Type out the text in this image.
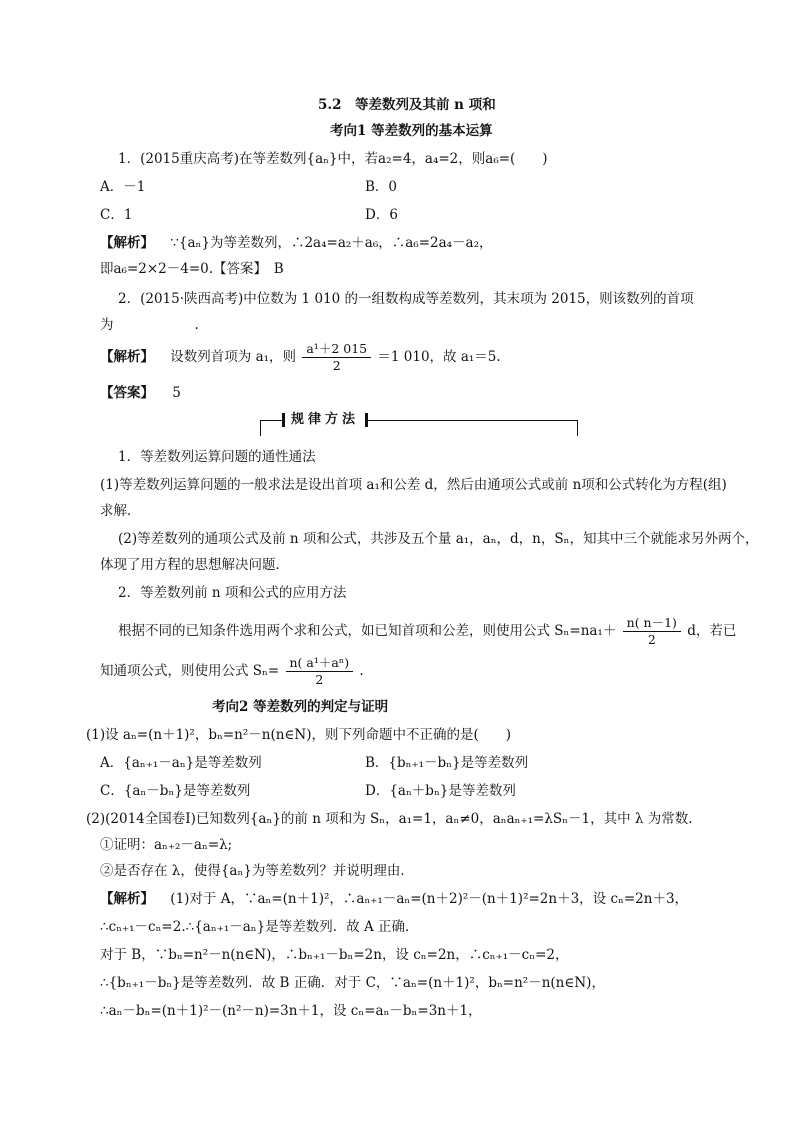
5.2　等差数列及其前 n 项和
考向1 等差数列的基本运算
1．(2015重庆高考)在等差数列{aₙ}中，若a₂=4，a₄=2，则a₆=(　　)
A．－1	B．0
C．1	D．6
【解析】 ∵{aₙ}为等差数列，∴2a₄=a₂＋a₆，∴a₆=2a₄－a₂，
即a₆=2×2－4=0.【答案】　B
2．(2015·陕西高考)中位数为 1 010 的一组数构成等差数列，其末项为 2015，则该数列的首项
为　　　　　　.
【解析】 设数列首项为 a₁，则 $\frac{\text{a¹＋2 015}}{2} =1$ 010，故 a₁＝5.
【答案】 5
规律方法
1．等差数列运算问题的通性通法
(1)等差数列运算问题的一般求法是设出首项 a₁和公差 d，然后由通项公式或前 n项和公式转化为方程(组)
求解．
(2)等差数列的通项公式及前 n 项和公式，共涉及五个量 a₁，aₙ，d，n，Sₙ，知其中三个就能求另外两个，
体现了用方程的思想解决问题．
2．等差数列前 n 项和公式的应用方法
根据不同的已知条件选用两个求和公式，如已知首项和公差，则使用公式 $S_n=na_1+ \frac{n( n-1)}{2}$ d，若已
知通项公式，则使用公式 $S_n= \frac{\text{n( a¹＋aⁿ)}}{2}$ .
考向2 等差数列的判定与证明
(1)设 aₙ=(n＋1)²，bₙ=n²－n(n∈N)，则下列命题中不正确的是(　　)
A．{aₙ₊₁－aₙ}是等差数列	B．{bₙ₊₁－bₙ}是等差数列
C．{aₙ－bₙ}是等差数列	D．{aₙ＋bₙ}是等差数列
(2)(2014全国卷Ⅰ)已知数列{aₙ}的前 n 项和为 Sₙ，a₁=1，aₙ≠0，aₙaₙ₊₁=λSₙ－1，其中 λ 为常数.
①证明：aₙ₊₂－aₙ=λ;
②是否存在 λ，使得{aₙ}为等差数列？并说明理由．
【解析】 (1)对于 A，∵aₙ=(n＋1)²，∴aₙ₊₁－aₙ=(n＋2)²－(n＋1)²=2n＋3，设 cₙ=2n＋3，
∴cₙ₊₁－cₙ=2.∴{aₙ₊₁－aₙ}是等差数列．故 A 正确．
对于 B，∵bₙ=n²－n(n∈N)，∴bₙ₊₁－bₙ=2n，设 cₙ=2n，∴cₙ₊₁－cₙ=2，
∴{bₙ₊₁－bₙ}是等差数列．故 B 正确．对于 C，∵aₙ=(n＋1)²，bₙ=n²－n(n∈N)，
∴aₙ－bₙ=(n＋1)²－(n²－n)=3n＋1，设 cₙ=aₙ－bₙ=3n＋1，
